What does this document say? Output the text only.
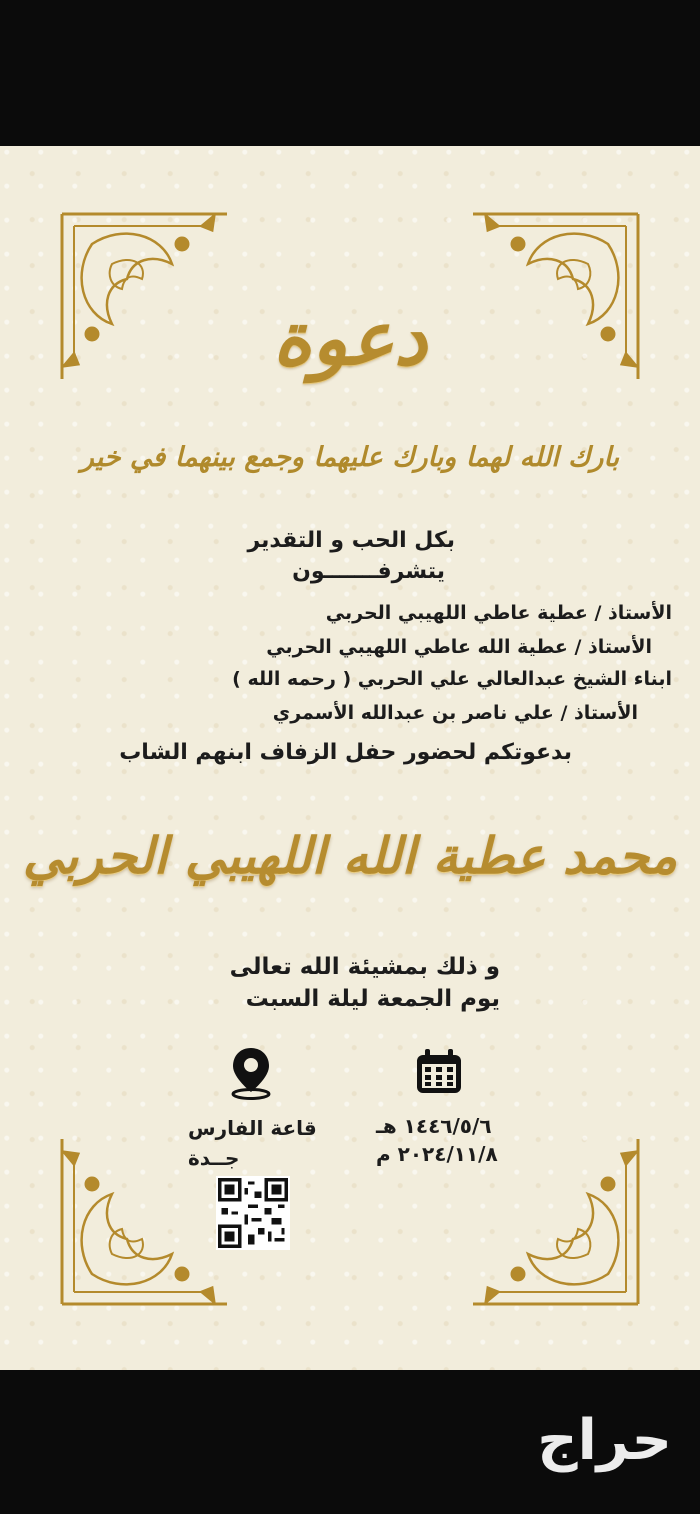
دعوة
بارك الله لهما وبارك عليهما وجمع بينهما في خير
بكل الحب و التقدير
يتشرفـــــــون
الأستاذ / عطية عاطي اللهيبي الحربي
الأستاذ / عطية الله عاطي اللهيبي الحربي
ابناء الشيخ عبدالعالي علي الحربي ( رحمه الله )
الأستاذ / علي ناصر بن عبدالله الأسمري
بدعوتكم لحضور حفل الزفاف ابنهم الشاب
محمد عطية الله اللهيبي الحربي
و ذلك بمشيئة الله تعالى
يوم الجمعة ليلة السبت
١٤٤٦/٥/٦ هـ
٢٠٢٤/١١/٨ م
قاعة الفارس
جــدة
حراج
